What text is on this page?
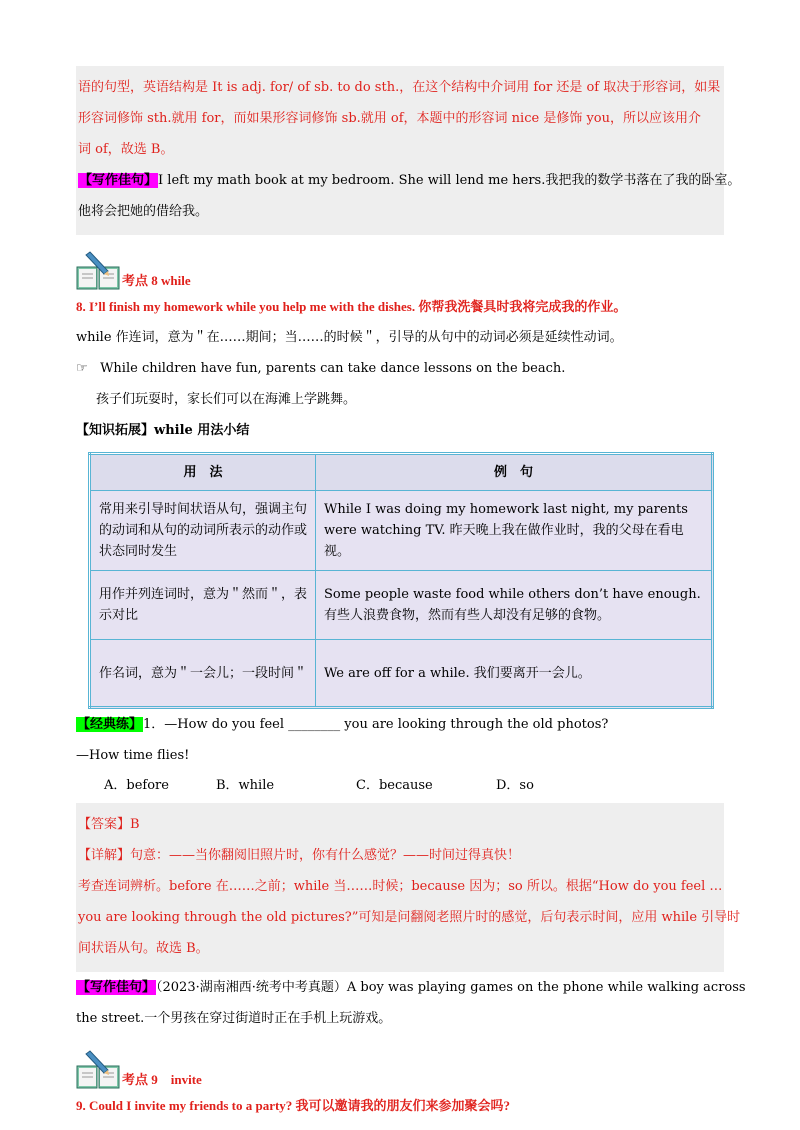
语的句型，英语结构是 It is adj. for/ of sb. to do sth.，在这个结构中介词用 for 还是 of 取决于形容词，如果
形容词修饰 sth.就用 for，而如果形容词修饰 sb.就用 of，本题中的形容词 nice 是修饰 you，所以应该用介
词 of，故选 B。
【写作佳句】I left my math book at my bedroom. She will lend me hers.我把我的数学书落在了我的卧室。
他将会把她的借给我。
考点 8 while
8. I’ll finish my homework while you help me with the dishes. 你帮我洗餐具时我将完成我的作业。
while 作连词，意为＂在……期间；当……的时候＂，引导的从句中的动词必须是延续性动词。
☞ While children have fun, parents can take dance lessons on the beach.
孩子们玩耍时，家长们可以在海滩上学跳舞。
【知识拓展】while 用法小结
用　法	例　句
常用来引导时间状语从句，强调主句的动词和从句的动词所表示的动作或状态同时发生	While I was doing my homework last night, my parents were watching TV. 昨天晚上我在做作业时，我的父母在看电视。
用作并列连词时，意为＂然而＂，表示对比	Some people waste food while others don’t have enough. 有些人浪费食物，然而有些人却没有足够的食物。
作名词，意为＂一会儿；一段时间＂	We are off for a while. 我们要离开一会儿。
【经典练】1．—How do you feel ________ you are looking through the old photos?
—How time flies!
A．before	B．while	C．because	D．so
【答案】B
【详解】句意：——当你翻阅旧照片时，你有什么感觉？——时间过得真快！
考查连词辨析。before 在……之前；while 当……时候；because 因为；so 所以。根据“How do you feel …
you are looking through the old pictures?”可知是问翻阅老照片时的感觉，后句表示时间，应用 while 引导时
间状语从句。故选 B。
【写作佳句】（2023·湖南湘西·统考中考真题）A boy was playing games on the phone while walking across
the street.一个男孩在穿过街道时正在手机上玩游戏。
考点 9　invite
9. Could I invite my friends to a party? 我可以邀请我的朋友们来参加聚会吗?
